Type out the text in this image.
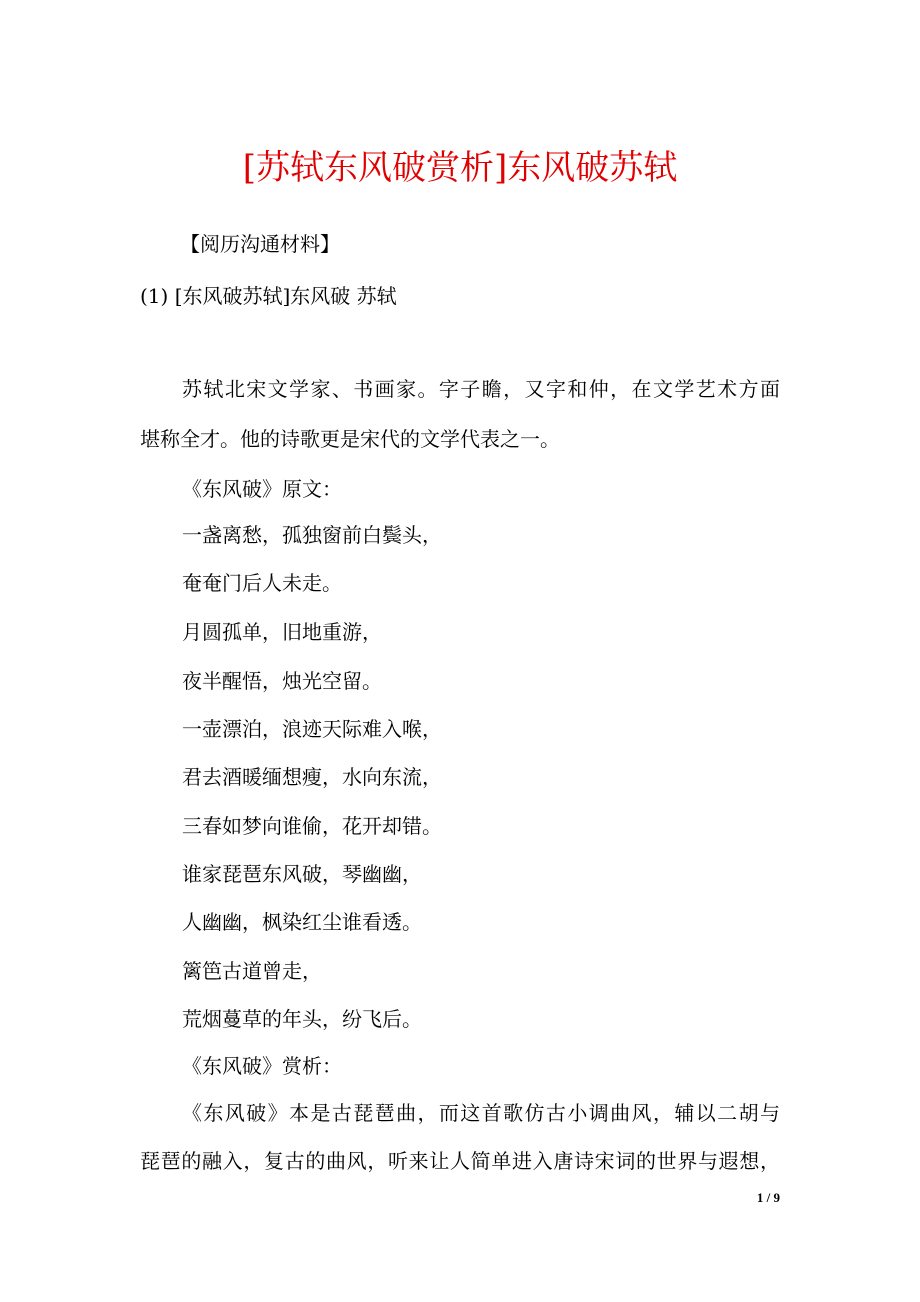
[苏轼东风破赏析]东风破苏轼

【阅历沟通材料】

(1) [东风破苏轼]东风破 苏轼

苏轼北宋文学家、书画家。字子瞻，又字和仲，在文学艺术方面

堪称全才。他的诗歌更是宋代的文学代表之一。

《东风破》原文：

一盏离愁，孤独窗前白鬓头，

奄奄门后人未走。

月圆孤单，旧地重游，

夜半醒悟，烛光空留。

一壶漂泊，浪迹天际难入喉，

君去酒暖缅想瘦，水向东流，

三春如梦向谁偷，花开却错。

谁家琵琶东风破，琴幽幽，

人幽幽，枫染红尘谁看透。

篱笆古道曾走，

荒烟蔓草的年头，纷飞后。

《东风破》赏析：

《东风破》本是古琵琶曲，而这首歌仿古小调曲风，辅以二胡与

琵琶的融入，复古的曲风，听来让人简单进入唐诗宋词的世界与遐想，

1 / 9
